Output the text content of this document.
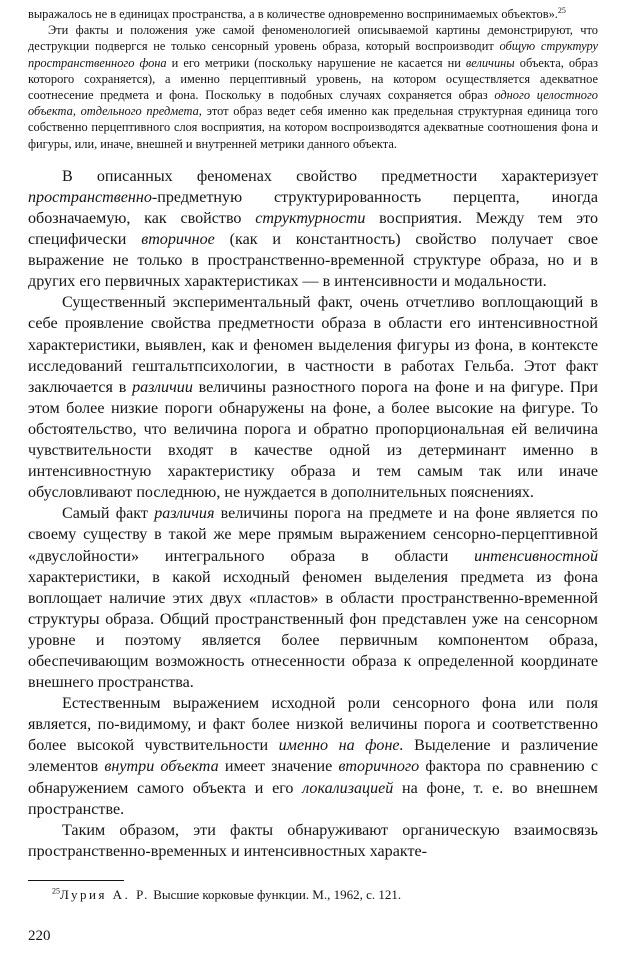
выражалось не в единицах пространства, а в количестве одновременно воспринимаемых объектов».$^{25}$

Эти факты и положения уже самой феноменологией описываемой картины демонстрируют, что деструкции подвергся не только сенсорный уровень образа, который воспроизводит общую структуру пространственного фона и его метрики (поскольку нарушение не касается ни величины объекта, образ которого сохраняется), а именно перцептивный уровень, на котором осуществляется адекватное соотнесение предмета и фона. Поскольку в подобных случаях сохраняется образ одного целостного объекта, отдельного предмета, этот образ ведет себя именно как предельная структурная единица того собственно перцептивного слоя восприятия, на котором воспроизводятся адекватные соотношения фона и фигуры, или, иначе, внешней и внутренней метрики данного объекта.

В описанных феноменах свойство предметности характеризует пространственно-предметную структурированность перцепта, иногда обозначаемую, как свойство структурности восприятия. Между тем это специфически вторичное (как и константность) свойство получает свое выражение не только в пространственно-временной структуре образа, но и в других его первичных характеристиках — в интенсивности и модальности.

Существенный экспериментальный факт, очень отчетливо воплощающий в себе проявление свойства предметности образа в области его интенсивностной характеристики, выявлен, как и феномен выделения фигуры из фона, в контексте исследований гештальтпсихологии, в частности в работах Гельба. Этот факт заключается в различии величины разностного порога на фоне и на фигуре. При этом более низкие пороги обнаружены на фоне, а более высокие на фигуре. То обстоятельство, что величина порога и обратно пропорциональная ей величина чувствительности входят в качестве одной из детерминант именно в интенсивностную характеристику образа и тем самым так или иначе обусловливают последнюю, не нуждается в дополнительных пояснениях.

Самый факт различия величины порога на предмете и на фоне является по своему существу в такой же мере прямым выражением сенсорно-перцептивной «двуслойности» интегрального образа в области интенсивностной характеристики, в какой исходный феномен выделения предмета из фона воплощает наличие этих двух «пластов» в области пространственно-временной структуры образа. Общий пространственный фон представлен уже на сенсорном уровне и поэтому является более первичным компонентом образа, обеспечивающим возможность отнесенности образа к определенной координате внешнего пространства.

Естественным выражением исходной роли сенсорного фона или поля является, по-видимому, и факт более низкой величины порога и соответственно более высокой чувствительности именно на фоне. Выделение и различение элементов внутри объекта имеет значение вторичного фактора по сравнению с обнаружением самого объекта и его локализацией на фоне, т. е. во внешнем пространстве.

Таким образом, эти факты обнаруживают органическую взаимосвязь пространственно-временных и интенсивностных характе-

$^{25}$Лурия А. Р. Высшие корковые функции. М., 1962, с. 121.

220
